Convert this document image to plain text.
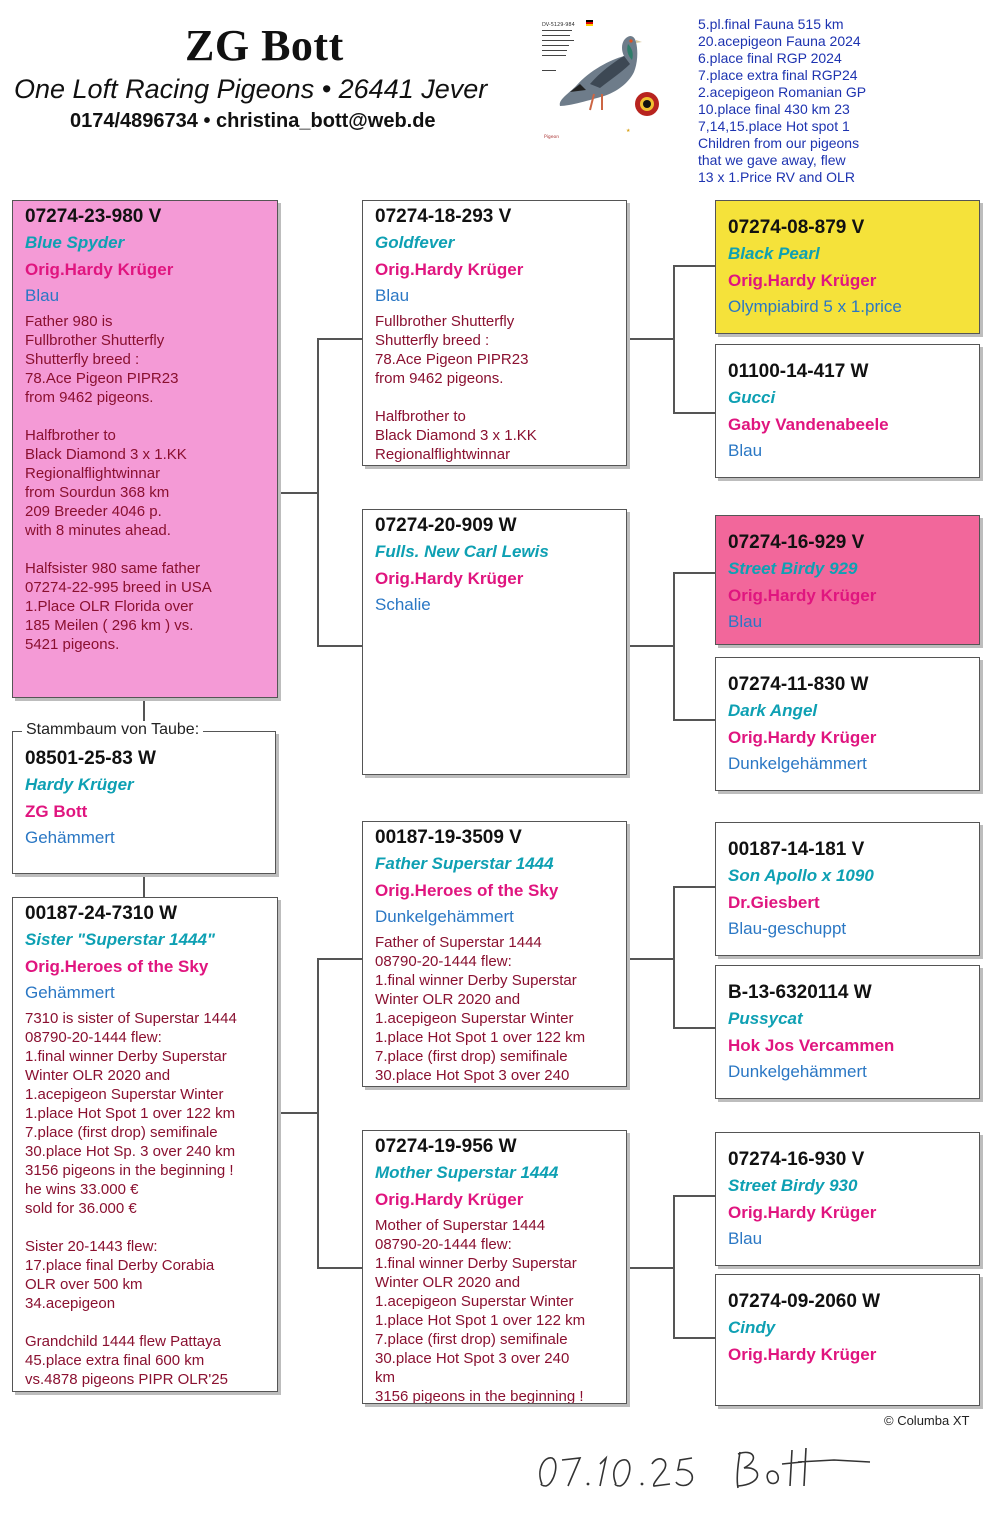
ZG Bott
One Loft Racing Pigeons • 26441 Jever
0174/4896734 • christina_bott@web.de
DV-5129-984
Pigeon
★
5.pl.final Fauna 515 km
20.acepigeon Fauna 2024
6.place final RGP 2024
7.place extra final RGP24
2.acepigeon Romanian GP
10.place final 430 km 23
7,14,15.place Hot spot 1
Children from our pigeons
that we gave away, flew
13 x 1.Price RV and OLR
07274-23-980 V
Blue Spyder
Orig.Hardy Krüger
Blau
Father 980 is
Fullbrother Shutterfly
Shutterfly breed :
78.Ace Pigeon PIPR23
from 9462 pigeons.
Halfbrother to
Black Diamond 3 x 1.KK
Regionalflightwinnar
from Sourdun 368 km
209 Breeder 4046 p.
with 8 minutes ahead.
Halfsister 980 same father
07274-22-995 breed in USA
1.Place OLR Florida over
185 Meilen ( 296 km ) vs.
5421 pigeons.
08501-25-83 W
Hardy Krüger
ZG Bott
Gehämmert
Stammbaum von Taube:
00187-24-7310 W
Sister "Superstar 1444"
Orig.Heroes of the Sky
Gehämmert
7310 is sister of Superstar 1444
08790-20-1444 flew:
1.final winner Derby Superstar
Winter OLR 2020 and
1.acepigeon Superstar Winter
1.place Hot Spot 1 over 122 km
7.place (first drop) semifinale
30.place Hot Sp. 3 over 240 km
3156 pigeons in the beginning !
he wins 33.000 €
sold for 36.000 €
Sister 20-1443 flew:
17.place final Derby Corabia
OLR over 500 km
34.acepigeon
Grandchild 1444 flew Pattaya
45.place extra final 600 km
vs.4878 pigeons PIPR OLR'25
07274-18-293 V
Goldfever
Orig.Hardy Krüger
Blau
Fullbrother Shutterfly
Shutterfly breed :
78.Ace Pigeon PIPR23
from 9462 pigeons.
Halfbrother to
Black Diamond 3 x 1.KK
Regionalflightwinnar
07274-20-909 W
Fulls. New Carl Lewis
Orig.Hardy Krüger
Schalie
00187-19-3509 V
Father Superstar 1444
Orig.Heroes of the Sky
Dunkelgehämmert
Father of Superstar 1444
08790-20-1444 flew:
1.final winner Derby Superstar
Winter OLR 2020 and
1.acepigeon Superstar Winter
1.place Hot Spot 1 over 122 km
7.place (first drop) semifinale
30.place Hot Spot 3 over 240
07274-19-956 W
Mother Superstar 1444
Orig.Hardy Krüger
Mother of Superstar 1444
08790-20-1444 flew:
1.final winner Derby Superstar
Winter OLR 2020 and
1.acepigeon Superstar Winter
1.place Hot Spot 1 over 122 km
7.place (first drop) semifinale
30.place Hot Spot 3 over 240
km
3156 pigeons in the beginning !
07274-08-879 V
Black Pearl
Orig.Hardy Krüger
Olympiabird 5 x 1.price
01100-14-417 W
Gucci
Gaby Vandenabeele
Blau
07274-16-929 V
Street Birdy 929
Orig.Hardy Krüger
Blau
07274-11-830 W
Dark Angel
Orig.Hardy Krüger
Dunkelgehämmert
00187-14-181 V
Son Apollo x 1090
Dr.Giesbert
Blau-geschuppt
B-13-6320114 W
Pussycat
Hok Jos Vercammen
Dunkelgehämmert
07274-16-930 V
Street Birdy 930
Orig.Hardy Krüger
Blau
07274-09-2060 W
Cindy
Orig.Hardy Krüger
© Columba XT
